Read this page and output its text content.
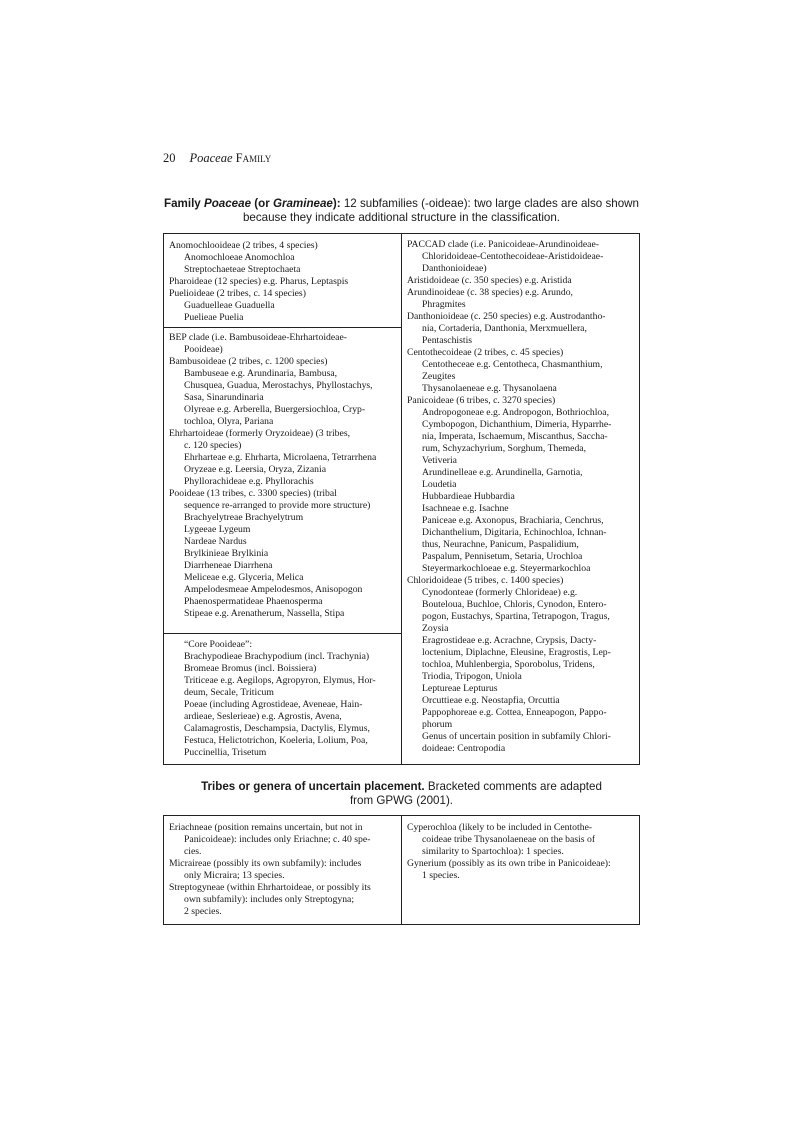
20 Poaceae Family
Family Poaceae (or Gramineae): 12 subfamilies (-oideae): two large clades are also shown
because they indicate additional structure in the classification.
Anomochlooideae (2 tribes, 4 species)
Anomochloeae Anomochloa
Streptochaeteae Streptochaeta
Pharoideae (12 species) e.g. Pharus, Leptaspis
Puelioideae (2 tribes, c. 14 species)
Guaduelleae Guaduella
Puelieae Puelia
BEP clade (i.e. Bambusoideae-Ehrhartoideae-
Pooideae)
Bambusoideae (2 tribes, c. 1200 species)
Bambuseae e.g. Arundinaria, Bambusa,
Chusquea, Guadua, Merostachys, Phyllostachys,
Sasa, Sinarundinaria
Olyreae e.g. Arberella, Buergersiochloa, Cryp-
tochloa, Olyra, Pariana
Ehrhartoideae (formerly Oryzoideae) (3 tribes,
c. 120 species)
Ehrharteae e.g. Ehrharta, Microlaena, Tetrarrhena
Oryzeae e.g. Leersia, Oryza, Zizania
Phyllorachideae e.g. Phyllorachis
Pooideae (13 tribes, c. 3300 species) (tribal
sequence re-arranged to provide more structure)
Brachyelytreae Brachyelytrum
Lygeeae Lygeum
Nardeae Nardus
Brylkinieae Brylkinia
Diarrheneae Diarrhena
Meliceae e.g. Glyceria, Melica
Ampelodesmeae Ampelodesmos, Anisopogon
Phaenospermatideae Phaenosperma
Stipeae e.g. Arenatherum, Nassella, Stipa
“Core Pooideae”:
Brachypodieae Brachypodium (incl. Trachynia)
Bromeae Bromus (incl. Boissiera)
Triticeae e.g. Aegilops, Agropyron, Elymus, Hor-
deum, Secale, Triticum
Poeae (including Agrostideae, Aveneae, Hain-
ardieae, Seslerieae) e.g. Agrostis, Avena,
Calamagrostis, Deschampsia, Dactylis, Elymus,
Festuca, Helictotrichon, Koeleria, Lolium, Poa,
Puccinellia, Trisetum
PACCAD clade (i.e. Panicoideae-Arundinoideae-
Chloridoideae-Centothecoideae-Aristidoideae-
Danthonioideae)
Aristidoideae (c. 350 species) e.g. Aristida
Arundinoideae (c. 38 species) e.g. Arundo,
Phragmites
Danthonioideae (c. 250 species) e.g. Austrodantho-
nia, Cortaderia, Danthonia, Merxmuellera,
Pentaschistis
Centothecoideae (2 tribes, c. 45 species)
Centotheceae e.g. Centotheca, Chasmanthium,
Zeugites
Thysanolaeneae e.g. Thysanolaena
Panicoideae (6 tribes, c. 3270 species)
Andropogoneae e.g. Andropogon, Bothriochloa,
Cymbopogon, Dichanthium, Dimeria, Hyparrhe-
nia, Imperata, Ischaemum, Miscanthus, Saccha-
rum, Schyzachyrium, Sorghum, Themeda,
Vetiveria
Arundinelleae e.g. Arundinella, Garnotia,
Loudetia
Hubbardieae Hubbardia
Isachneae e.g. Isachne
Paniceae e.g. Axonopus, Brachiaria, Cenchrus,
Dichanthelium, Digitaria, Echinochloa, Ichnan-
thus, Neurachne, Panicum, Paspalidium,
Paspalum, Pennisetum, Setaria, Urochloa
Steyermarkochloeae e.g. Steyermarkochloa
Chloridoideae (5 tribes, c. 1400 species)
Cynodonteae (formerly Chlorideae) e.g.
Bouteloua, Buchloe, Chloris, Cynodon, Entero-
pogon, Eustachys, Spartina, Tetrapogon, Tragus,
Zoysia
Eragrostideae e.g. Acrachne, Crypsis, Dacty-
loctenium, Diplachne, Eleusine, Eragrostis, Lep-
tochloa, Muhlenbergia, Sporobolus, Tridens,
Triodia, Tripogon, Uniola
Leptureae Lepturus
Orcuttieae e.g. Neostapfia, Orcuttia
Pappophoreae e.g. Cottea, Enneapogon, Pappo-
phorum
Genus of uncertain position in subfamily Chlori-
doideae: Centropodia
Tribes or genera of uncertain placement. Bracketed comments are adapted
from GPWG (2001).
Eriachneae (position remains uncertain, but not in
Panicoideae): includes only Eriachne; c. 40 spe-
cies.
Micraireae (possibly its own subfamily): includes
only Micraira; 13 species.
Streptogyneae (within Ehrhartoideae, or possibly its
own subfamily): includes only Streptogyna;
2 species.
Cyperochloa (likely to be included in Centothe-
coideae tribe Thysanolaeneae on the basis of
similarity to Spartochloa): 1 species.
Gynerium (possibly as its own tribe in Panicoideae):
1 species.
